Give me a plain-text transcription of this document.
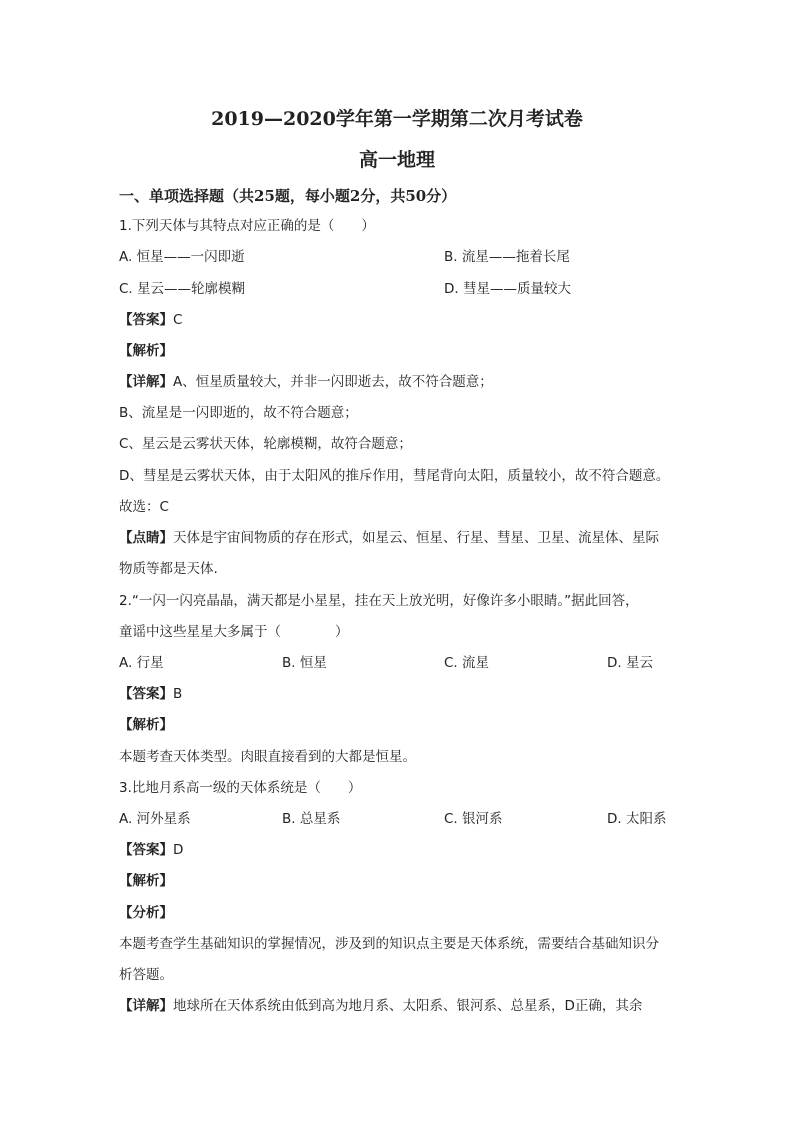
2019—2020学年第一学期第二次月考试卷
高一地理
一、单项选择题（共25题，每小题2分，共50分）
1.下列天体与其特点对应正确的是（　　）
A. 恒星——一闪即逝	B. 流星——拖着长尾
C. 星云——轮廓模糊	D. 彗星——质量较大
【答案】C
【解析】
【详解】A、恒星质量较大，并非一闪即逝去，故不符合题意；
B、流星是一闪即逝的，故不符合题意；
C、星云是云雾状天体，轮廓模糊，故符合题意；
D、彗星是云雾状天体，由于太阳风的推斥作用，彗尾背向太阳，质量较小，故不符合题意。
故选：C
【点睛】天体是宇宙间物质的存在形式，如星云、恒星、行星、彗星、卫星、流星体、星际
物质等都是天体.
2.“一闪一闪亮晶晶，满天都是小星星，挂在天上放光明，好像许多小眼睛。”据此回答，
童谣中这些星星大多属于（　　　　）
A. 行星	B. 恒星	C. 流星	D. 星云
【答案】B
【解析】
本题考查天体类型。肉眼直接看到的大都是恒星。
3.比地月系高一级的天体系统是（　　）
A. 河外星系	B. 总星系	C. 银河系	D. 太阳系
【答案】D
【解析】
【分析】
本题考查学生基础知识的掌握情况，涉及到的知识点主要是天体系统，需要结合基础知识分
析答题。
【详解】地球所在天体系统由低到高为地月系、太阳系、银河系、总星系，D正确，其余
